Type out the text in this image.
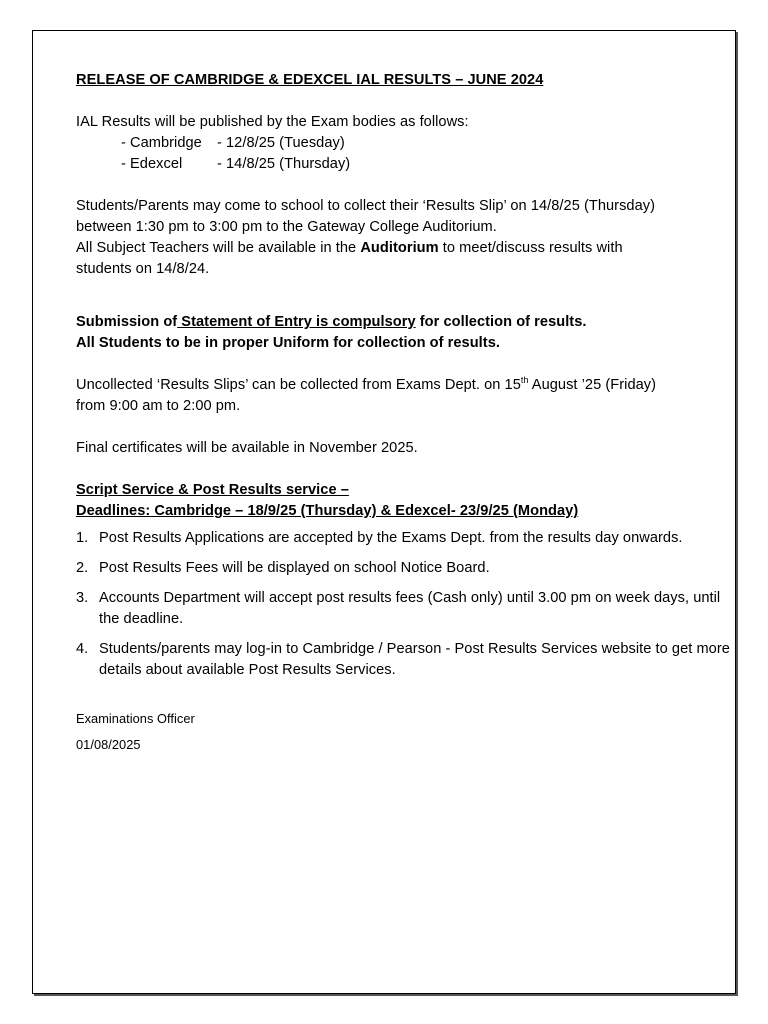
RELEASE OF CAMBRIDGE & EDEXCEL IAL RESULTS – JUNE 2024

IAL Results will be published by the Exam bodies as follows:

- Cambridge	- 12/8/25 (Tuesday)
- Edexcel	- 14/8/25 (Thursday)

Students/Parents may come to school to collect their ‘Results Slip’ on 14/8/25 (Thursday)

between 1:30 pm to 3:00 pm to the Gateway College Auditorium.

All Subject Teachers will be available in the Auditorium to meet/discuss results with

students on 14/8/24.

Submission of Statement of Entry is compulsory for collection of results.

All Students to be in proper Uniform for collection of results.

Uncollected ‘Results Slips’ can be collected from Exams Dept. on 15th August ’25 (Friday)

from 9:00 am to 2:00 pm.

Final certificates will be available in November 2025.

Script Service & Post Results service –

Deadlines: Cambridge – 18/9/25 (Thursday) & Edexcel- 23/9/25 (Monday)

1. Post Results Applications are accepted by the Exams Dept. from the results day onwards.
2. Post Results Fees will be displayed on school Notice Board.
3. Accounts Department will accept post results fees (Cash only) until 3.00 pm on week days, until the deadline.
4. Students/parents may log-in to Cambridge / Pearson - Post Results Services website to get more details about available Post Results Services.

Examinations Officer

01/08/2025
